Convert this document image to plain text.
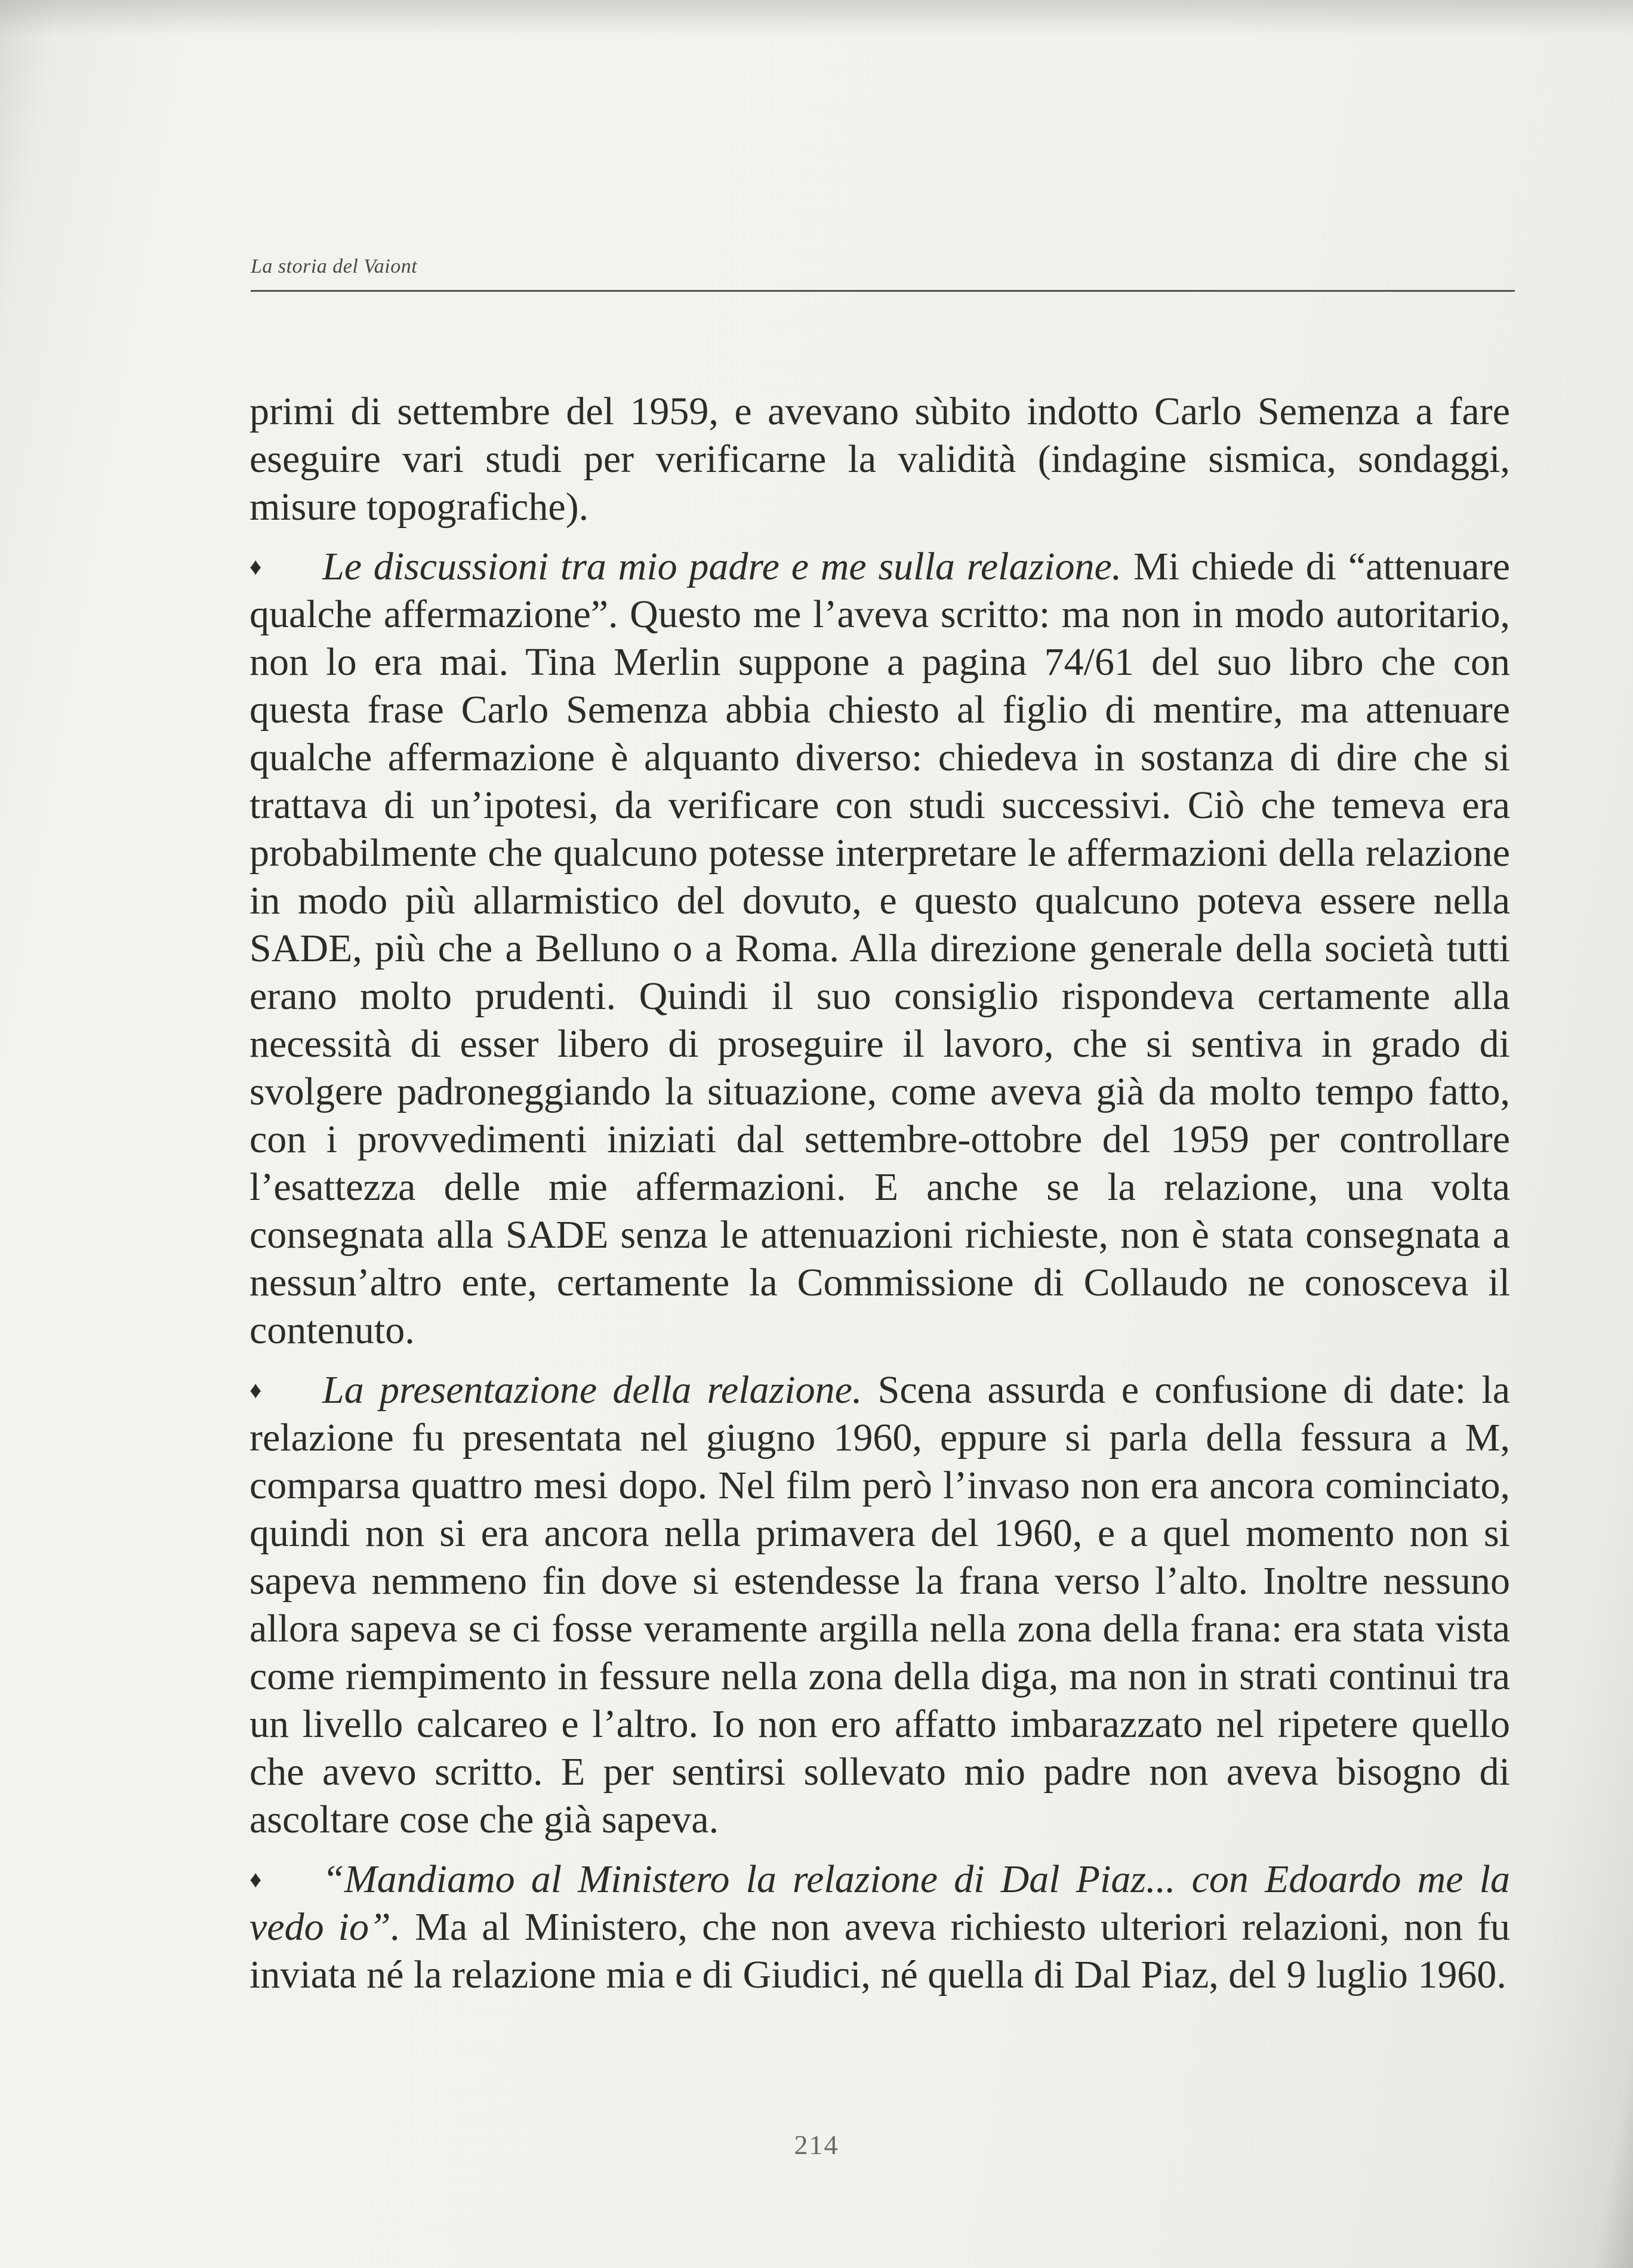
La storia del Vaiont

primi di settembre del 1959, e avevano sùbito indotto Carlo Semenza a fare eseguire vari studi per verificarne la validità (indagine sismica, sondaggi, misure topografiche).

♦ Le discussioni tra mio padre e me sulla relazione. Mi chiede di “attenuare qualche affermazione”. Questo me l’aveva scritto: ma non in modo autoritario, non lo era mai. Tina Merlin suppone a pagina 74/61 del suo libro che con questa frase Carlo Semenza abbia chiesto al figlio di mentire, ma attenuare qualche affermazione è alquanto diverso: chiedeva in sostanza di dire che si trattava di un’ipotesi, da verificare con studi successivi. Ciò che temeva era probabilmente che qualcuno potesse interpretare le affermazioni della relazione in modo più allarmistico del dovuto, e questo qualcuno poteva essere nella SADE, più che a Belluno o a Roma. Alla direzione generale della società tutti erano molto prudenti. Quindi il suo consiglio rispondeva certamente alla necessità di esser libero di proseguire il lavoro, che si sentiva in grado di svolgere padroneggiando la situazione, come aveva già da molto tempo fatto, con i provvedimenti iniziati dal settembre-ottobre del 1959 per controllare l’esattezza delle mie affermazioni. E anche se la relazione, una volta consegnata alla SADE senza le attenuazioni richieste, non è stata consegnata a nessun’altro ente, certamente la Commissione di Collaudo ne conosceva il contenuto.

♦ La presentazione della relazione. Scena assurda e confusione di date: la relazione fu presentata nel giugno 1960, eppure si parla della fessura a M, comparsa quattro mesi dopo. Nel film però l’invaso non era ancora cominciato, quindi non si era ancora nella primavera del 1960, e a quel momento non si sapeva nemmeno fin dove si estendesse la frana verso l’alto. Inoltre nessuno allora sapeva se ci fosse veramente argilla nella zona della frana: era stata vista come riempimento in fessure nella zona della diga, ma non in strati continui tra un livello calcareo e l’altro. Io non ero affatto imbarazzato nel ripetere quello che avevo scritto. E per sentirsi sollevato mio padre non aveva bisogno di ascoltare cose che già sapeva.

♦ “Mandiamo al Ministero la relazione di Dal Piaz... con Edoardo me la vedo io”. Ma al Ministero, che non aveva richiesto ulteriori relazioni, non fu inviata né la relazione mia e di Giudici, né quella di Dal Piaz, del 9 luglio 1960.

214
